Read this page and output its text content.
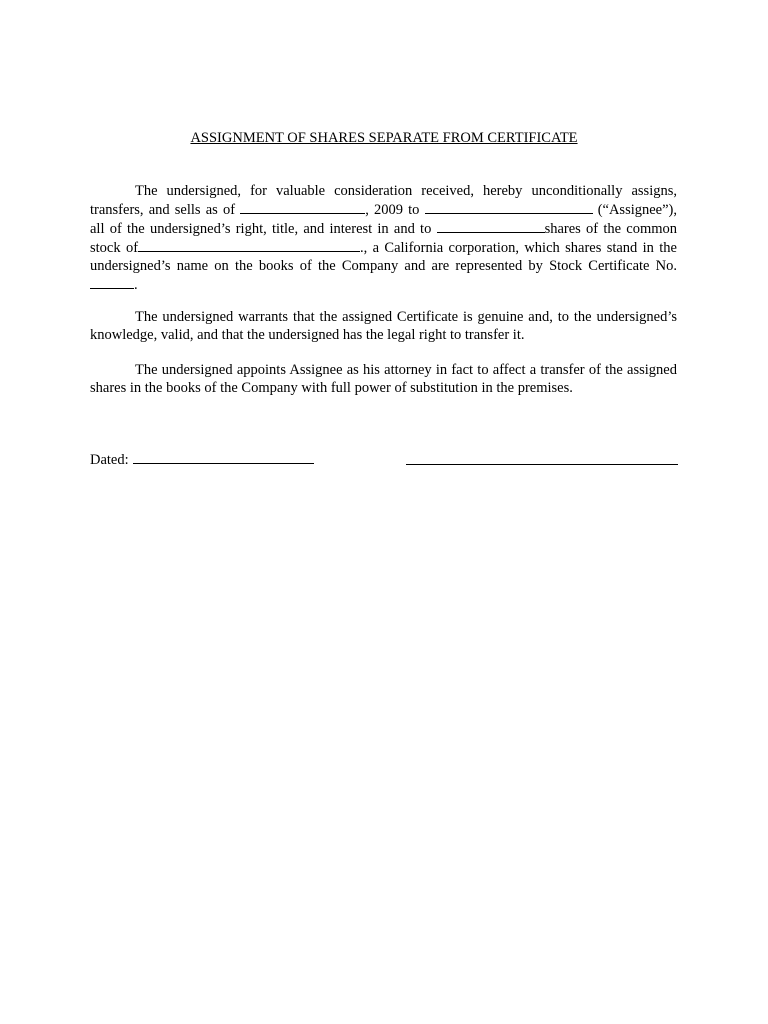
ASSIGNMENT OF SHARES SEPARATE FROM CERTIFICATE
The undersigned, for valuable consideration received, hereby unconditionally assigns, transfers, and sells as of	, 2009 to	(“Assignee”), all of the undersigned’s right, title, and interest in and to	shares of the common stock of	., a California corporation, which shares stand in the undersigned’s name on the books of the Company and are represented by Stock Certificate No. .
The undersigned warrants that the assigned Certificate is genuine and, to the undersigned’s knowledge, valid, and that the undersigned has the legal right to transfer it.
The undersigned appoints Assignee as his attorney in fact to affect a transfer of the assigned shares in the books of the Company with full power of substitution in the premises.
Dated:
